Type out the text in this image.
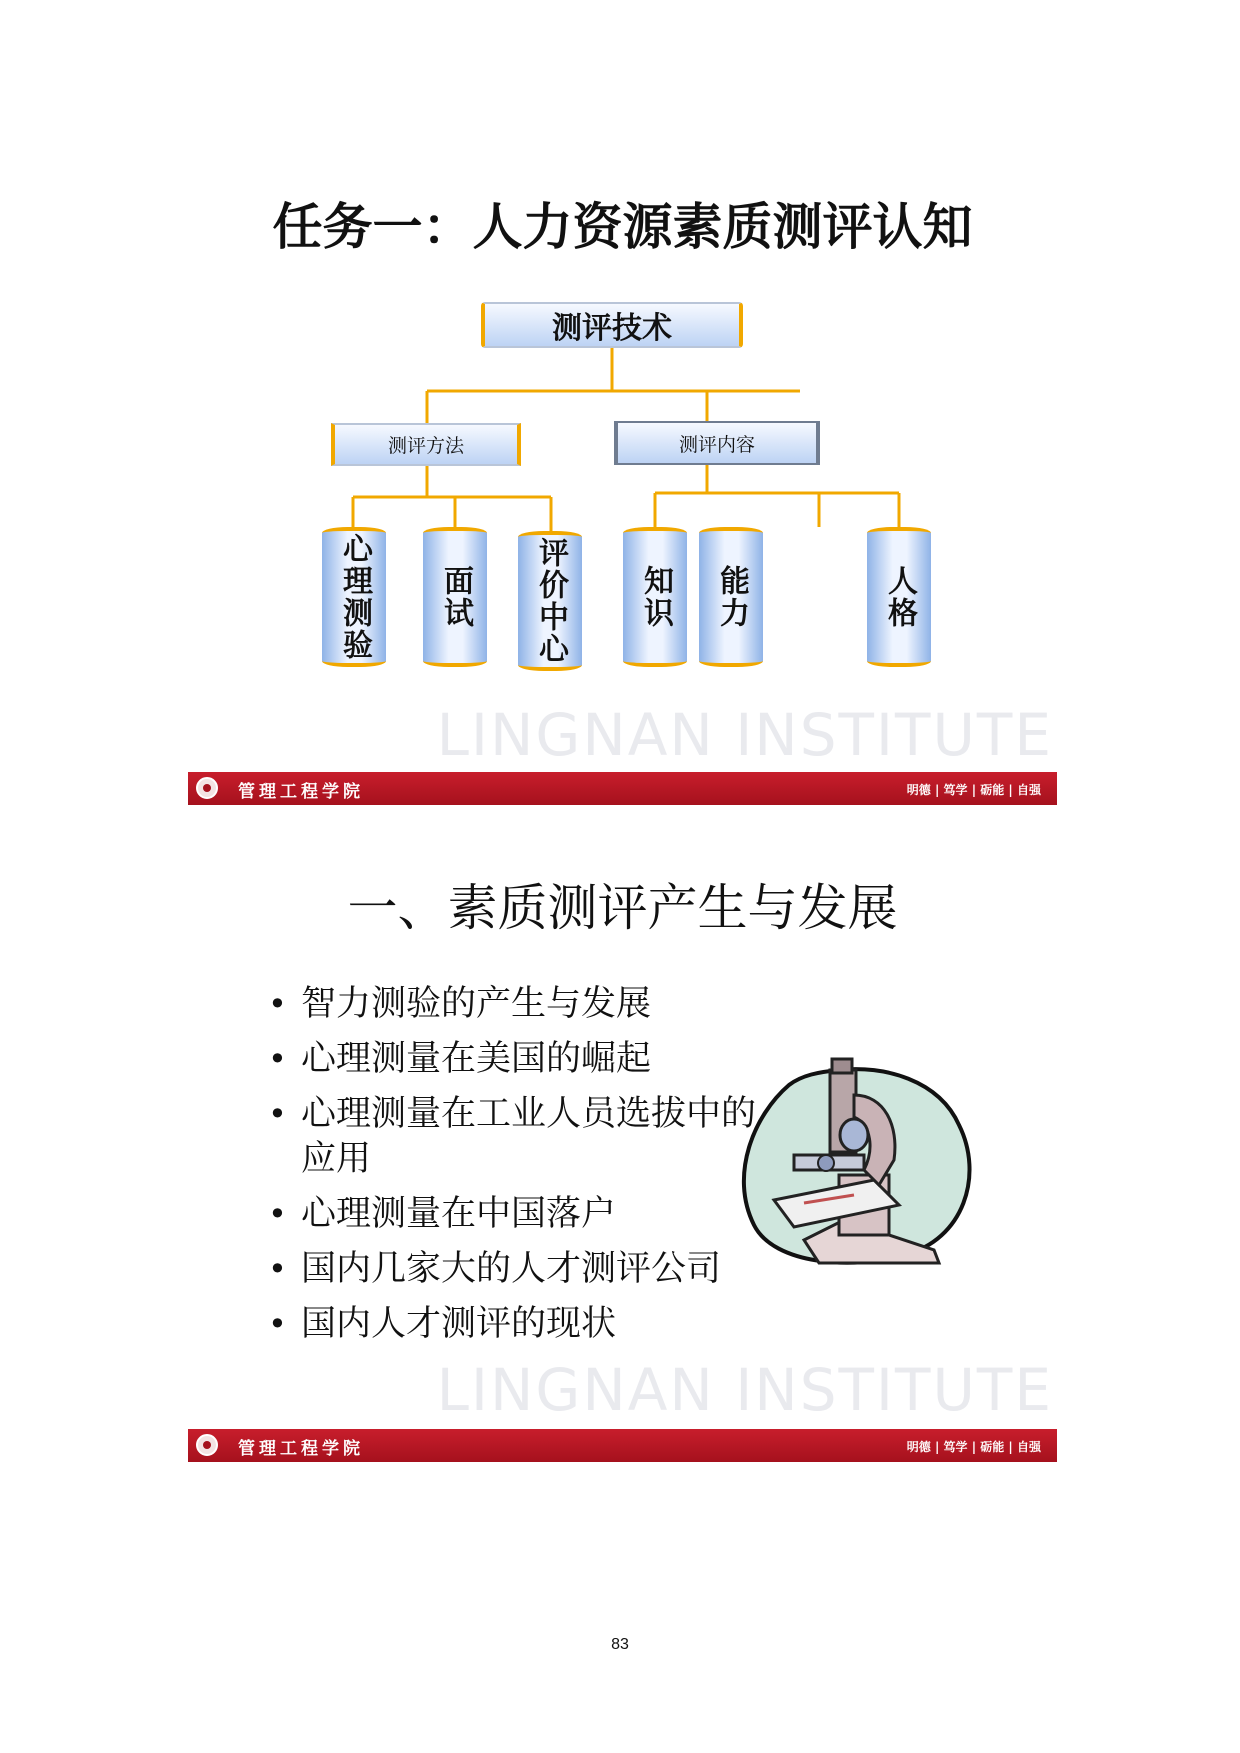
任务一：人力资源素质测评认知
测评技术
测评方法	测评内容
心理测验 面试 评价中心 知识 能力	人格
LINGNAN INSTITUTE
管理工程学院	明德 | 笃学 | 砺能 | 自强
一、素质测评产生与发展
• 智力测验的产生与发展
• 心理测量在美国的崛起
• 心理测量在工业人员选拔中的应用
• 心理测量在中国落户
• 国内几家大的人才测评公司
• 国内人才测评的现状
LINGNAN INSTITUTE
管理工程学院	明德 | 笃学 | 砺能 | 自强
83
